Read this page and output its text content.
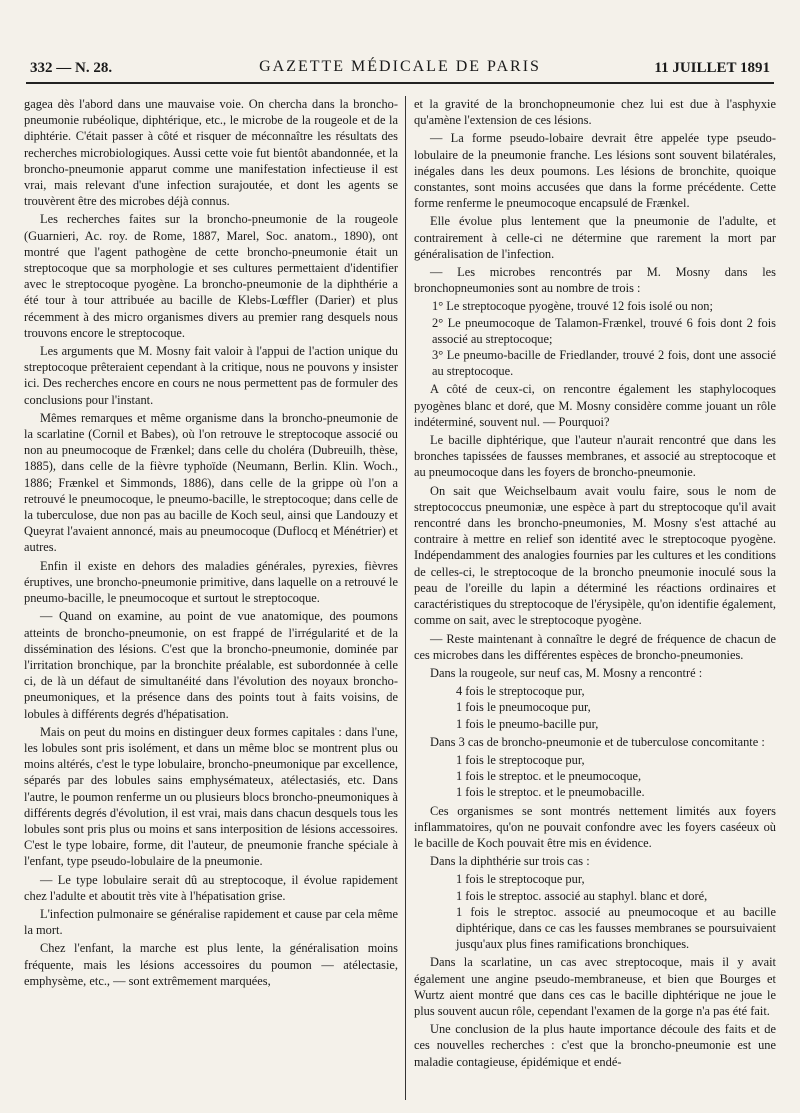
332 — N. 28.	GAZETTE MÉDICALE DE PARIS	11 JUILLET 1891

gagea dès l'abord dans une mauvaise voie. On chercha dans la broncho-pneumonie rubéolique, diphtérique, etc., le microbe de la rougeole et de la diphtérie. C'était passer à côté et risquer de méconnaître les résultats des recherches microbiologiques. Aussi cette voie fut bientôt abandonnée, et la broncho-pneumonie apparut comme une manifestation infectieuse il est vrai, mais relevant d'une infection surajoutée, et dont les agents se trouvèrent être des microbes déjà connus.

Les recherches faites sur la broncho-pneumonie de la rougeole (Guarnieri, Ac. roy. de Rome, 1887, Marel, Soc. anatom., 1890), ont montré que l'agent pathogène de cette broncho-pneumonie était un streptocoque que sa morphologie et ses cultures permettaient d'identifier avec le streptocoque pyogène. La broncho-pneumonie de la diphthérie a été tour à tour attribuée au bacille de Klebs-Lœffler (Darier) et plus récemment à des micro organismes divers au premier rang desquels nous trouvons encore le streptocoque.

Les arguments que M. Mosny fait valoir à l'appui de l'action unique du streptocoque prêteraient cependant à la critique, nous ne pouvons y insister ici. Des recherches encore en cours ne nous permettent pas de formuler des conclusions pour l'instant.

Mêmes remarques et même organisme dans la broncho-pneumonie de la scarlatine (Cornil et Babes), où l'on retrouve le streptocoque associé ou non au pneumocoque de Frænkel; dans celle du choléra (Dubreuilh, thèse, 1885), dans celle de la fièvre typhoïde (Neumann, Berlin. Klin. Woch., 1886; Frænkel et Simmonds, 1886), dans celle de la grippe où l'on a retrouvé le pneumocoque, le pneumo-bacille, le streptocoque; dans celle de la tuberculose, due non pas au bacille de Koch seul, ainsi que Landouzy et Queyrat l'avaient annoncé, mais au pneumocoque (Duflocq et Ménétrier) et autres.

Enfin il existe en dehors des maladies générales, pyrexies, fièvres éruptives, une broncho-pneumonie primitive, dans laquelle on a retrouvé le pneumo-bacille, le pneumocoque et surtout le streptocoque.

— Quand on examine, au point de vue anatomique, des poumons atteints de broncho-pneumonie, on est frappé de l'irrégularité et de la dissémination des lésions. C'est que la broncho-pneumonie, dominée par l'irritation bronchique, par la bronchite préalable, est subordonnée à celle ci, de là un défaut de simultanéité dans l'évolution des noyaux broncho-pneumoniques, et la présence dans des points tout à faits voisins, de lobules à différents degrés d'hépatisation.

Mais on peut du moins en distinguer deux formes capitales : dans l'une, les lobules sont pris isolément, et dans un même bloc se montrent plus ou moins altérés, c'est le type lobulaire, broncho-pneumonique par excellence, séparés par des lobules sains emphysémateux, atélectasiés, etc. Dans l'autre, le poumon renferme un ou plusieurs blocs broncho-pneumoniques à différents degrés d'évolution, il est vrai, mais dans chacun desquels tous les lobules sont pris plus ou moins et sans interposition de lésions accessoires. C'est le type lobaire, forme, dit l'auteur, de pneumonie franche spéciale à l'enfant, type pseudo-lobulaire de la pneumonie.

— Le type lobulaire serait dû au streptocoque, il évolue rapidement chez l'adulte et aboutit très vite à l'hépatisation grise.

L'infection pulmonaire se généralise rapidement et cause par cela même la mort.

Chez l'enfant, la marche est plus lente, la généralisation moins fréquente, mais les lésions accessoires du poumon — atélectasie, emphysème, etc., — sont extrêmement marquées,

et la gravité de la bronchopneumonie chez lui est due à l'asphyxie qu'amène l'extension de ces lésions.

— La forme pseudo-lobaire devrait être appelée type pseudo-lobulaire de la pneumonie franche. Les lésions sont souvent bilatérales, inégales dans les deux poumons. Les lésions de bronchite, quoique constantes, sont moins accusées que dans la forme précédente. Cette forme renferme le pneumocoque encapsulé de Frænkel.

Elle évolue plus lentement que la pneumonie de l'adulte, et contrairement à celle-ci ne détermine que rarement la mort par généralisation de l'infection.

— Les microbes rencontrés par M. Mosny dans les bronchopneumonies sont au nombre de trois :

1° Le streptocoque pyogène, trouvé 12 fois isolé ou non;
2° Le pneumocoque de Talamon-Frænkel, trouvé 6 fois dont 2 fois associé au streptocoque;
3° Le pneumo-bacille de Friedlander, trouvé 2 fois, dont une associé au streptocoque.

A côté de ceux-ci, on rencontre également les staphylocoques pyogènes blanc et doré, que M. Mosny considère comme jouant un rôle indéterminé, souvent nul. — Pourquoi?

Le bacille diphtérique, que l'auteur n'aurait rencontré que dans les bronches tapissées de fausses membranes, et associé au streptocoque et au pneumocoque dans les foyers de broncho-pneumonie.

On sait que Weichselbaum avait voulu faire, sous le nom de streptococcus pneumoniæ, une espèce à part du streptocoque qu'il avait rencontré dans les broncho-pneumonies, M. Mosny s'est attaché au contraire à mettre en relief son identité avec le streptocoque pyogène. Indépendamment des analogies fournies par les cultures et les conditions de celles-ci, le streptocoque de la broncho pneumonie inoculé sous la peau de l'oreille du lapin a déterminé les réactions ordinaires et caractéristiques du streptocoque de l'érysipèle, qu'on identifie également, comme on sait, avec le streptocoque pyogène.

— Reste maintenant à connaître le degré de fréquence de chacun de ces microbes dans les différentes espèces de broncho-pneumonies.

Dans la rougeole, sur neuf cas, M. Mosny a rencontré :

4 fois le streptocoque pur,
1 fois le pneumocoque pur,
1 fois le pneumo-bacille pur,

Dans 3 cas de broncho-pneumonie et de tuberculose concomitante :

1 fois le streptocoque pur,
1 fois le streptoc. et le pneumocoque,
1 fois le streptoc. et le pneumobacille.

Ces organismes se sont montrés nettement limités aux foyers inflammatoires, qu'on ne pouvait confondre avec les foyers caséeux où le bacille de Koch pouvait être mis en évidence.

Dans la diphthérie sur trois cas :

1 fois le streptocoque pur,
1 fois le streptoc. associé au staphyl. blanc et doré,
1 fois le streptoc. associé au pneumocoque et au bacille diphtérique, dans ce cas les fausses membranes se poursuivaient jusqu'aux plus fines ramifications bronchiques.

Dans la scarlatine, un cas avec streptocoque, mais il y avait également une angine pseudo-membraneuse, et bien que Bourges et Wurtz aient montré que dans ces cas le bacille diphtérique ne joue le plus souvent aucun rôle, cependant l'examen de la gorge n'a pas été fait.

Une conclusion de la plus haute importance découle des faits et de ces nouvelles recherches : c'est que la broncho-pneumonie est une maladie contagieuse, épidémique et endé-
